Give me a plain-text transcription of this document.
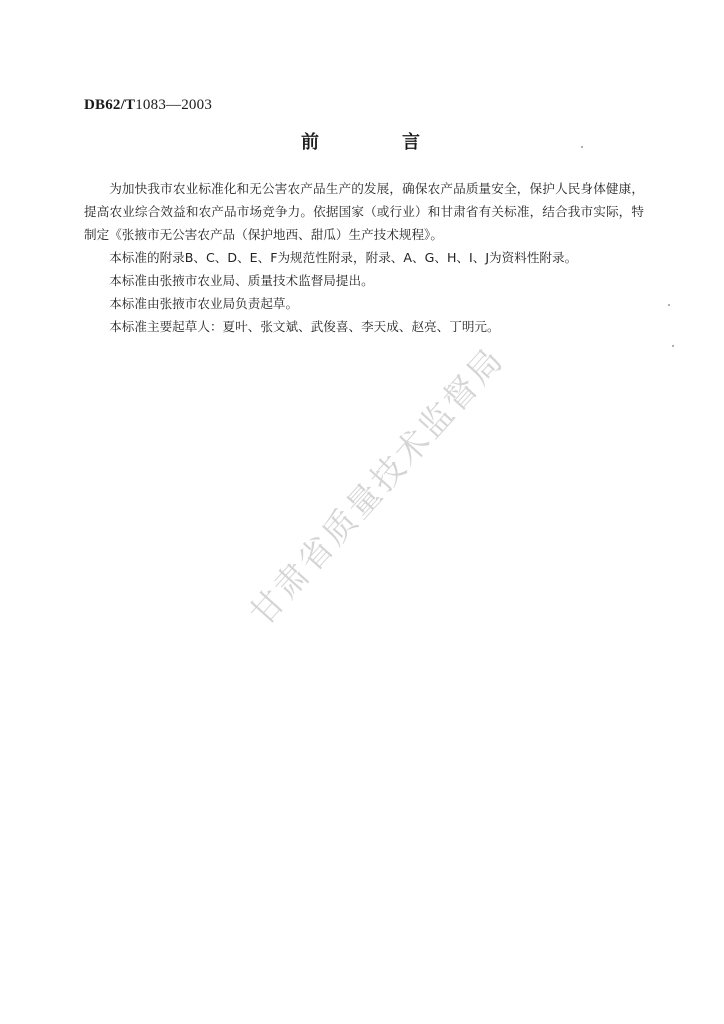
DB62/T1083—2003
前	言

为加快我市农业标准化和无公害农产品生产的发展，确保农产品质量安全，保护人民身体健康，提高农业综合效益和农产品市场竞争力。依据国家（或行业）和甘肃省有关标准，结合我市实际，特制定《张掖市无公害农产品（保护地西、甜瓜）生产技术规程》。

本标准的附录B、C、D、E、F为规范性附录，附录、A、G、H、I、J为资料性附录。

本标准由张掖市农业局、质量技术监督局提出。

本标准由张掖市农业局负责起草。

本标准主要起草人：夏叶、张文斌、武俊喜、李天成、赵亮、丁明元。

甘肃省质量技术监督局
